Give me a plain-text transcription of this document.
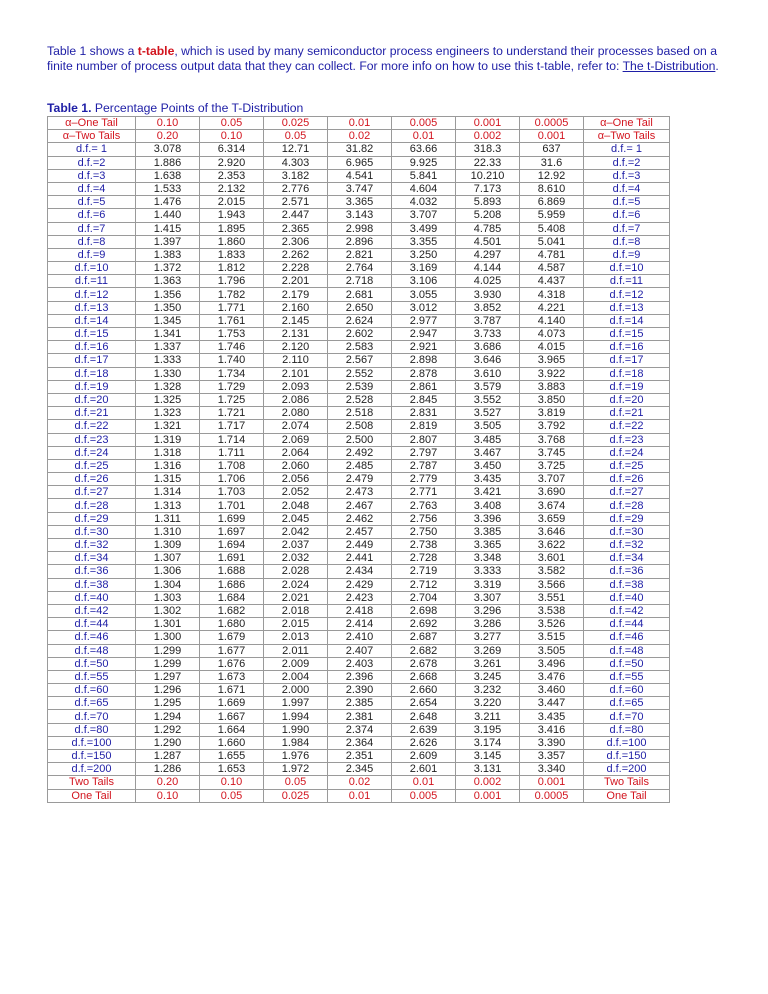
Table 1 shows a t-table, which is used by many semiconductor process engineers to understand their processes based on a finite number of process output data that they can collect. For more info on how to use this t-table, refer to: The t-Distribution.
Table 1. Percentage Points of the T-Distribution
α–One Tail	0.10	0.05	0.025	0.01	0.005	0.001	0.0005	α–One Tail
α–Two Tails	0.20	0.10	0.05	0.02	0.01	0.002	0.001	α–Two Tails
d.f.= 1	3.078	6.314	12.71	31.82	63.66	318.3	637	d.f.= 1
d.f.=2	1.886	2.920	4.303	6.965	9.925	22.33	31.6	d.f.=2
d.f.=3	1.638	2.353	3.182	4.541	5.841	10.210	12.92	d.f.=3
d.f.=4	1.533	2.132	2.776	3.747	4.604	7.173	8.610	d.f.=4
d.f.=5	1.476	2.015	2.571	3.365	4.032	5.893	6.869	d.f.=5
d.f.=6	1.440	1.943	2.447	3.143	3.707	5.208	5.959	d.f.=6
d.f.=7	1.415	1.895	2.365	2.998	3.499	4.785	5.408	d.f.=7
d.f.=8	1.397	1.860	2.306	2.896	3.355	4.501	5.041	d.f.=8
d.f.=9	1.383	1.833	2.262	2.821	3.250	4.297	4.781	d.f.=9
d.f.=10	1.372	1.812	2.228	2.764	3.169	4.144	4.587	d.f.=10
d.f.=11	1.363	1.796	2.201	2.718	3.106	4.025	4.437	d.f.=11
d.f.=12	1.356	1.782	2.179	2.681	3.055	3.930	4.318	d.f.=12
d.f.=13	1.350	1.771	2.160	2.650	3.012	3.852	4.221	d.f.=13
d.f.=14	1.345	1.761	2.145	2.624	2.977	3.787	4.140	d.f.=14
d.f.=15	1.341	1.753	2.131	2.602	2.947	3.733	4.073	d.f.=15
d.f.=16	1.337	1.746	2.120	2.583	2.921	3.686	4.015	d.f.=16
d.f.=17	1.333	1.740	2.110	2.567	2.898	3.646	3.965	d.f.=17
d.f.=18	1.330	1.734	2.101	2.552	2.878	3.610	3.922	d.f.=18
d.f.=19	1.328	1.729	2.093	2.539	2.861	3.579	3.883	d.f.=19
d.f.=20	1.325	1.725	2.086	2.528	2.845	3.552	3.850	d.f.=20
d.f.=21	1.323	1.721	2.080	2.518	2.831	3.527	3.819	d.f.=21
d.f.=22	1.321	1.717	2.074	2.508	2.819	3.505	3.792	d.f.=22
d.f.=23	1.319	1.714	2.069	2.500	2.807	3.485	3.768	d.f.=23
d.f.=24	1.318	1.711	2.064	2.492	2.797	3.467	3.745	d.f.=24
d.f.=25	1.316	1.708	2.060	2.485	2.787	3.450	3.725	d.f.=25
d.f.=26	1.315	1.706	2.056	2.479	2.779	3.435	3.707	d.f.=26
d.f.=27	1.314	1.703	2.052	2.473	2.771	3.421	3.690	d.f.=27
d.f.=28	1.313	1.701	2.048	2.467	2.763	3.408	3.674	d.f.=28
d.f.=29	1.311	1.699	2.045	2.462	2.756	3.396	3.659	d.f.=29
d.f.=30	1.310	1.697	2.042	2.457	2.750	3.385	3.646	d.f.=30
d.f.=32	1.309	1.694	2.037	2.449	2.738	3.365	3.622	d.f.=32
d.f.=34	1.307	1.691	2.032	2.441	2.728	3.348	3.601	d.f.=34
d.f.=36	1.306	1.688	2.028	2.434	2.719	3.333	3.582	d.f.=36
d.f.=38	1.304	1.686	2.024	2.429	2.712	3.319	3.566	d.f.=38
d.f.=40	1.303	1.684	2.021	2.423	2.704	3.307	3.551	d.f.=40
d.f.=42	1.302	1.682	2.018	2.418	2.698	3.296	3.538	d.f.=42
d.f.=44	1.301	1.680	2.015	2.414	2.692	3.286	3.526	d.f.=44
d.f.=46	1.300	1.679	2.013	2.410	2.687	3.277	3.515	d.f.=46
d.f.=48	1.299	1.677	2.011	2.407	2.682	3.269	3.505	d.f.=48
d.f.=50	1.299	1.676	2.009	2.403	2.678	3.261	3.496	d.f.=50
d.f.=55	1.297	1.673	2.004	2.396	2.668	3.245	3.476	d.f.=55
d.f.=60	1.296	1.671	2.000	2.390	2.660	3.232	3.460	d.f.=60
d.f.=65	1.295	1.669	1.997	2.385	2.654	3.220	3.447	d.f.=65
d.f.=70	1.294	1.667	1.994	2.381	2.648	3.211	3.435	d.f.=70
d.f.=80	1.292	1.664	1.990	2.374	2.639	3.195	3.416	d.f.=80
d.f.=100	1.290	1.660	1.984	2.364	2.626	3.174	3.390	d.f.=100
d.f.=150	1.287	1.655	1.976	2.351	2.609	3.145	3.357	d.f.=150
d.f.=200	1.286	1.653	1.972	2.345	2.601	3.131	3.340	d.f.=200
Two Tails	0.20	0.10	0.05	0.02	0.01	0.002	0.001	Two Tails
One Tail	0.10	0.05	0.025	0.01	0.005	0.001	0.0005	One Tail
